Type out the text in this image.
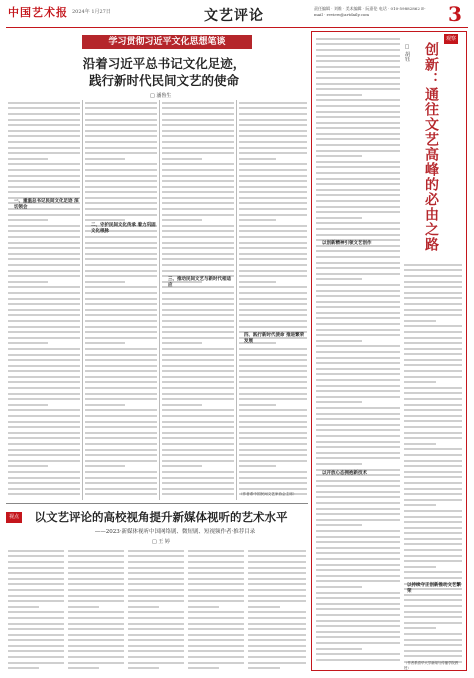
中国艺术报 2024年 1月27日	文艺评论	责任编辑 · 刘维 · 美术编辑 · 阮嘉伦 电话 · 010-59882862 E-mail · review@artdaily.com	3
学习贯彻习近平文化思想笔谈
沿着习近平总书记文化足迹，
践行新时代民间文艺的使命
□ 潘鲁生
一、重温总书记民间文化足迹 深切领会
二、守护民间文化传承 着力巩固文化根脉
三、推动民间文艺与新时代相适应
四、践行新时代使命 推进繁荣发展
（作者系中国民间文艺家协会主席）
视点	以文艺评论的高校视角提升新媒体视听的艺术水平
——2023·新媒体视听中国网络剧、微短剧、短视频作者·推荐目录
□ 王 婷
观察
创新：通往文艺高峰的必由之路
□ 胡钰
以创新精神引领文艺创作
以开放心态拥抱新技术
以持续守正创新推动文艺繁荣
（作者系清华大学新闻与传播学院教授）
